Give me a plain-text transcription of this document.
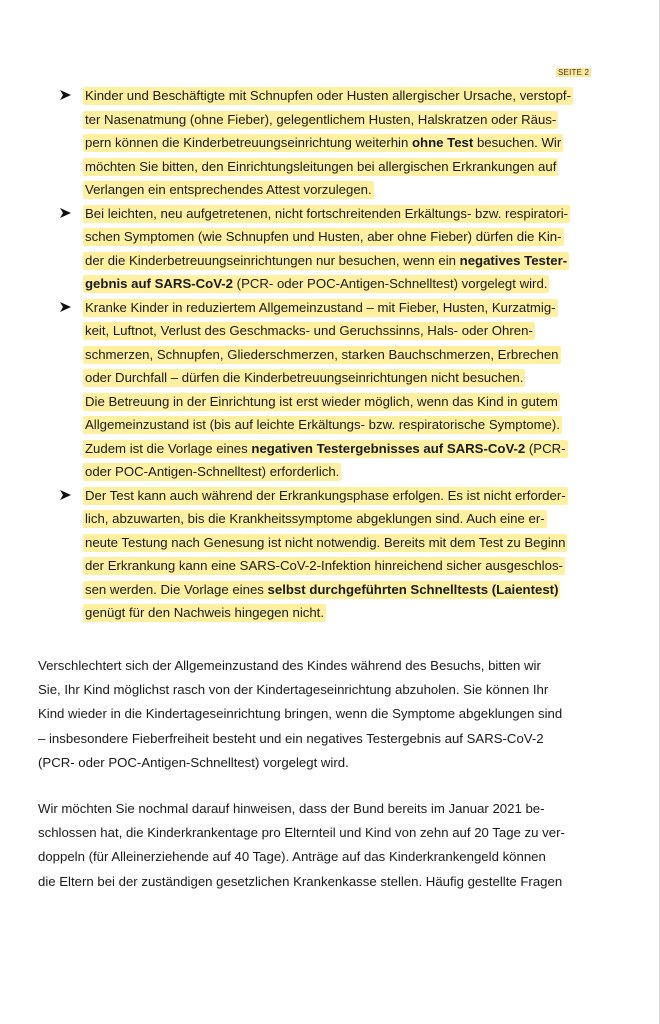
SEITE 2
Kinder und Beschäftigte mit Schnupfen oder Husten allergischer Ursache, verstopf-
ter Nasenatmung (ohne Fieber), gelegentlichem Husten, Halskratzen oder Räus-
pern können die Kinderbetreuungseinrichtung weiterhin ohne Test besuchen. Wir
möchten Sie bitten, den Einrichtungsleitungen bei allergischen Erkrankungen auf
Verlangen ein entsprechendes Attest vorzulegen.
Bei leichten, neu aufgetretenen, nicht fortschreitenden Erkältungs- bzw. respiratori-
schen Symptomen (wie Schnupfen und Husten, aber ohne Fieber) dürfen die Kin-
der die Kinderbetreuungseinrichtungen nur besuchen, wenn ein negatives Tester-
gebnis auf SARS-CoV-2 (PCR- oder POC-Antigen-Schnelltest) vorgelegt wird.
Kranke Kinder in reduziertem Allgemeinzustand – mit Fieber, Husten, Kurzatmig-
keit, Luftnot, Verlust des Geschmacks- und Geruchssinns, Hals- oder Ohren-
schmerzen, Schnupfen, Gliederschmerzen, starken Bauchschmerzen, Erbrechen
oder Durchfall – dürfen die Kinderbetreuungseinrichtungen nicht besuchen.
Die Betreuung in der Einrichtung ist erst wieder möglich, wenn das Kind in gutem
Allgemeinzustand ist (bis auf leichte Erkältungs- bzw. respiratorische Symptome).
Zudem ist die Vorlage eines negativen Testergebnisses auf SARS-CoV-2 (PCR-
oder POC-Antigen-Schnelltest) erforderlich.
Der Test kann auch während der Erkrankungsphase erfolgen. Es ist nicht erforder-
lich, abzuwarten, bis die Krankheitssymptome abgeklungen sind. Auch eine er-
neute Testung nach Genesung ist nicht notwendig. Bereits mit dem Test zu Beginn
der Erkrankung kann eine SARS-CoV-2-Infektion hinreichend sicher ausgeschlos-
sen werden. Die Vorlage eines selbst durchgeführten Schnelltests (Laientest)
genügt für den Nachweis hingegen nicht.
Verschlechtert sich der Allgemeinzustand des Kindes während des Besuchs, bitten wir
Sie, Ihr Kind möglichst rasch von der Kindertageseinrichtung abzuholen. Sie können Ihr
Kind wieder in die Kindertageseinrichtung bringen, wenn die Symptome abgeklungen sind
– insbesondere Fieberfreiheit besteht und ein negatives Testergebnis auf SARS-CoV-2
(PCR- oder POC-Antigen-Schnelltest) vorgelegt wird.
Wir möchten Sie nochmal darauf hinweisen, dass der Bund bereits im Januar 2021 be-
schlossen hat, die Kinderkrankentage pro Elternteil und Kind von zehn auf 20 Tage zu ver-
doppeln (für Alleinerziehende auf 40 Tage). Anträge auf das Kinderkrankengeld können
die Eltern bei der zuständigen gesetzlichen Krankenkasse stellen. Häufig gestellte Fragen
